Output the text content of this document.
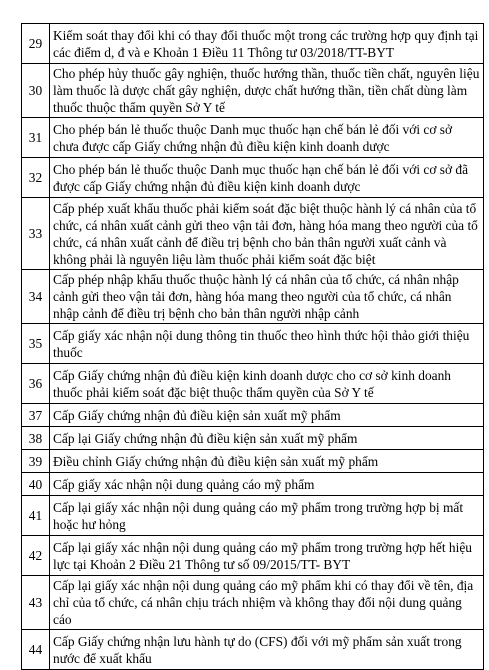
29	Kiểm soát thay đổi khi có thay đổi thuốc một trong các trường hợp quy định tại các điểm d, đ và e Khoản 1 Điều 11 Thông tư 03/2018/TT-BYT
30	Cho phép hủy thuốc gây nghiện, thuốc hướng thần, thuốc tiền chất, nguyên liệu làm thuốc là dược chất gây nghiện, dược chất hướng thần, tiền chất dùng làm thuốc thuộc thẩm quyền Sở Y tế
31	Cho phép bán lẻ thuốc thuộc Danh mục thuốc hạn chế bán lẻ đối với cơ sở chưa được cấp Giấy chứng nhận đủ điều kiện kinh doanh dược
32	Cho phép bán lẻ thuốc thuộc Danh mục thuốc hạn chế bán lẻ đối với cơ sở đã được cấp Giấy chứng nhận đủ điều kiện kinh doanh dược
33	Cấp phép xuất khẩu thuốc phải kiểm soát đặc biệt thuộc hành lý cá nhân của tổ chức, cá nhân xuất cảnh gửi theo vận tải đơn, hàng hóa mang theo người của tổ chức, cá nhân xuất cảnh để điều trị bệnh cho bản thân người xuất cảnh và không phải là nguyên liệu làm thuốc phải kiểm soát đặc biệt
34	Cấp phép nhập khẩu thuốc thuộc hành lý cá nhân của tổ chức, cá nhân nhập cảnh gửi theo vận tải đơn, hàng hóa mang theo người của tổ chức, cá nhân nhập cảnh để điều trị bệnh cho bản thân người nhập cảnh
35	Cấp giấy xác nhận nội dung thông tin thuốc theo hình thức hội thảo giới thiệu thuốc
36	Cấp Giấy chứng nhận đủ điều kiện kinh doanh dược cho cơ sở kinh doanh thuốc phải kiểm soát đặc biệt thuộc thẩm quyền của Sở Y tế
37	Cấp Giấy chứng nhận đủ điều kiện sản xuất mỹ phẩm
38	Cấp lại Giấy chứng nhận đủ điều kiện sản xuất mỹ phẩm
39	Điều chỉnh Giấy chứng nhận đủ điều kiện sản xuất mỹ phẩm
40	Cấp giấy xác nhận nội dung quảng cáo mỹ phẩm
41	Cấp lại giấy xác nhận nội dung quảng cáo mỹ phẩm trong trường hợp bị mất hoặc hư hỏng
42	Cấp lại giấy xác nhận nội dung quảng cáo mỹ phẩm trong trường hợp hết hiệu lực tại Khoản 2 Điều 21 Thông tư số 09/2015/TT- BYT
43	Cấp lại giấy xác nhận nội dung quảng cáo mỹ phẩm khi có thay đổi về tên, địa chỉ của tổ chức, cá nhân chịu trách nhiệm và không thay đổi nội dung quảng cáo
44	Cấp Giấy chứng nhận lưu hành tự do (CFS) đối với mỹ phẩm sản xuất trong nước để xuất khẩu
